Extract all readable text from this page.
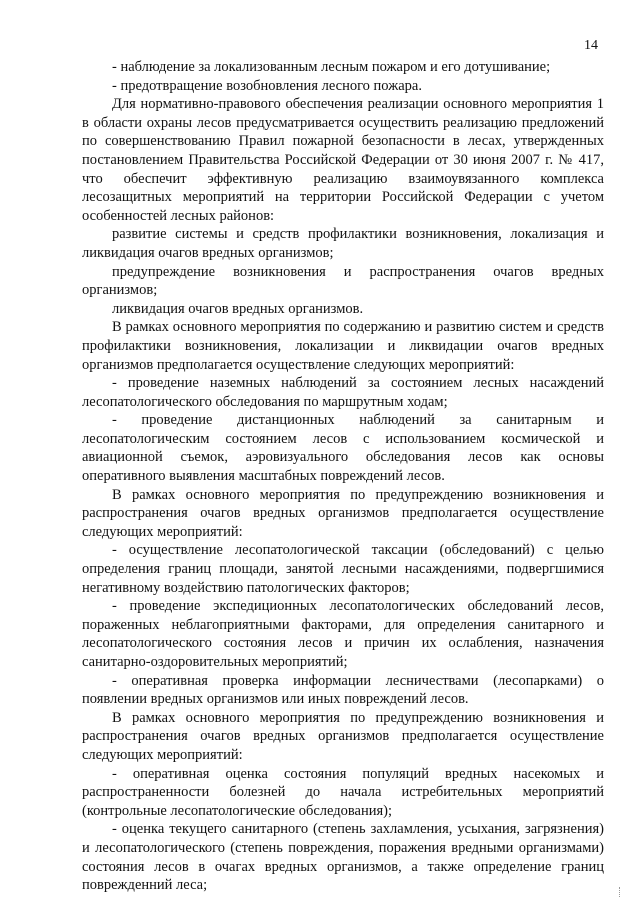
14

- наблюдение за локализованным лесным пожаром и его дотушивание;

- предотвращение возобновления лесного пожара.

Для нормативно-правового обеспечения реализации основного мероприятия 1 в области охраны лесов предусматривается осуществить реализацию предложений по совершенствованию Правил пожарной безопасности в лесах, утвержденных постановлением Правительства Российской Федерации от 30 июня 2007 г. № 417, что обеспечит эффективную реализацию взаимоувязанного комплекса лесозащитных мероприятий на территории Российской Федерации с учетом особенностей лесных районов:

развитие системы и средств профилактики возникновения, локализация и ликвидация очагов вредных организмов;

предупреждение возникновения и распространения очагов вредных организмов;

ликвидация очагов вредных организмов.

В рамках основного мероприятия по содержанию и развитию систем и средств профилактики возникновения, локализации и ликвидации очагов вредных организмов предполагается осуществление следующих мероприятий:

- проведение наземных наблюдений за состоянием лесных насаждений лесопатологического обследования по маршрутным ходам;

- проведение дистанционных наблюдений за санитарным и лесопатологическим состоянием лесов с использованием космической и авиационной съемок, аэровизуального обследования лесов как основы оперативного выявления масштабных повреждений лесов.

В рамках основного мероприятия по предупреждению возникновения и распространения очагов вредных организмов предполагается осуществление следующих мероприятий:

- осуществление лесопатологической таксации (обследований) с целью определения границ площади, занятой лесными насаждениями, подвергшимися негативному воздействию патологических факторов;

- проведение экспедиционных лесопатологических обследований лесов, пораженных неблагоприятными факторами, для определения санитарного и лесопатологического состояния лесов и причин их ослабления, назначения санитарно-оздоровительных мероприятий;

- оперативная проверка информации лесничествами (лесопарками) о появлении вредных организмов или иных повреждений лесов.

В рамках основного мероприятия по предупреждению возникновения и распространения очагов вредных организмов предполагается осуществление следующих мероприятий:

- оперативная оценка состояния популяций вредных насекомых и распространенности болезней до начала истребительных мероприятий (контрольные лесопатологические обследования);

- оценка текущего санитарного (степень захламления, усыхания, загрязнения) и лесопатологического (степень повреждения, поражения вредными организмами) состояния лесов в очагах вредных организмов, а также определение границ поврежденний леса;
